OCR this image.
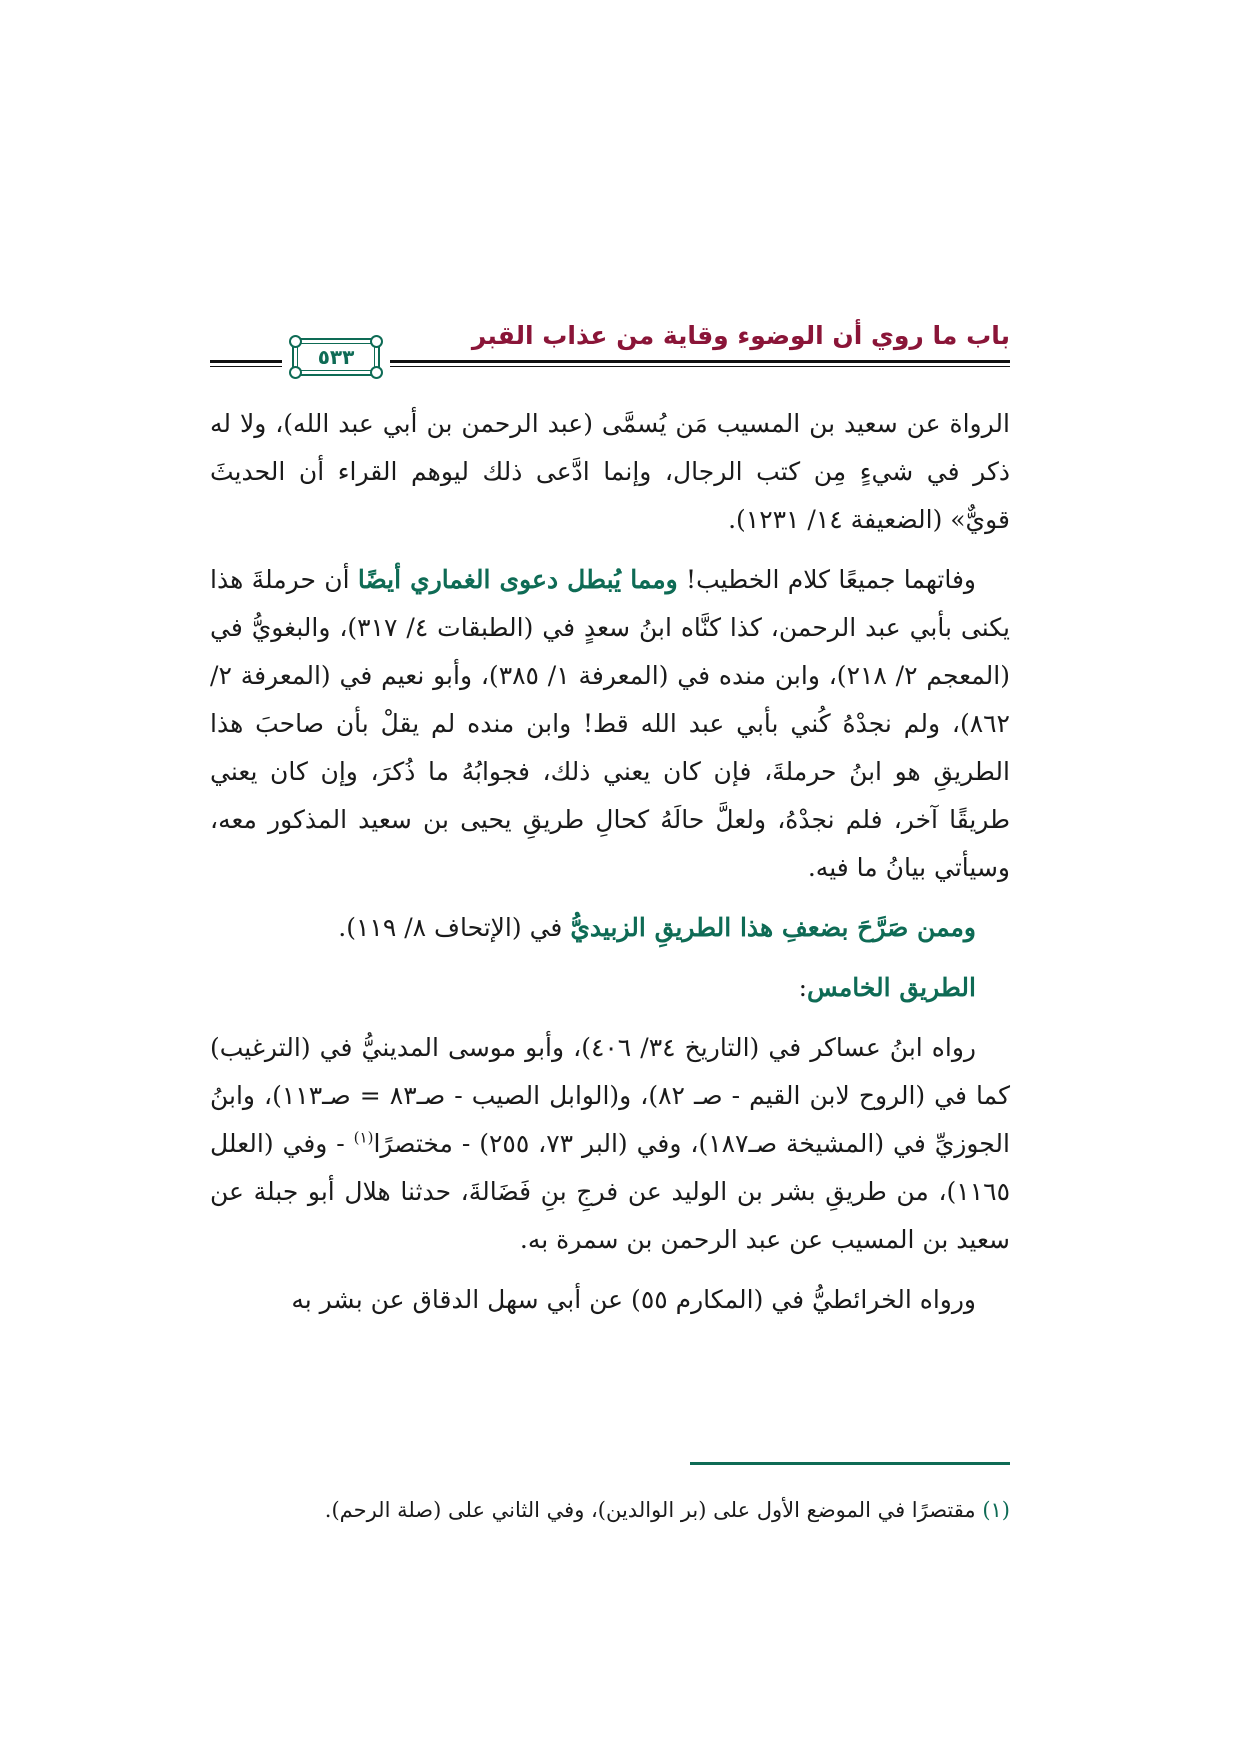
باب ما روي أن الوضوء وقاية من عذاب القبر
٥٣٣

الرواة عن سعيد بن المسيب مَن يُسمَّى (عبد الرحمن بن أبي عبد الله)، ولا له ذكر في شيءٍ مِن كتب الرجال، وإنما ادَّعى ذلك ليوهم القراء أن الحديثَ قويٌّ» (الضعيفة ١٤/ ١٢٣١).

وفاتهما جميعًا كلام الخطيب! ومما يُبطل دعوى الغماري أيضًا أن حرملةَ هذا يكنى بأبي عبد الرحمن، كذا كنَّاه ابنُ سعدٍ في (الطبقات ٤/ ٣١٧)، والبغويُّ في (المعجم ٢/ ٢١٨)، وابن منده في (المعرفة ١/ ٣٨٥)، وأبو نعيم في (المعرفة ٢/ ٨٦٢)، ولم نجدْهُ كُني بأبي عبد الله قط! وابن منده لم يقلْ بأن صاحبَ هذا الطريقِ هو ابنُ حرملةَ، فإن كان يعني ذلك، فجوابُهُ ما ذُكرَ، وإن كان يعني طريقًا آخر، فلم نجدْهُ، ولعلَّ حالَهُ كحالِ طريقِ يحيى بن سعيد المذكور معه، وسيأتي بيانُ ما فيه.

وممن صَرَّحَ بضعفِ هذا الطريقِ الزبيديُّ في (الإتحاف ٨/ ١١٩).

الطريق الخامس:

رواه ابنُ عساكر في (التاريخ ٣٤/ ٤٠٦)، وأبو موسى المدينيُّ في (الترغيب) كما في (الروح لابن القيم - صـ ٨٢)، و(الوابل الصيب - صـ٨٣ = صـ١١٣)، وابنُ الجوزيِّ في (المشيخة صـ١٨٧)، وفي (البر ٧٣، ٢٥٥) - مختصرًا$^{(١)}$ - وفي (العلل ١١٦٥)، من طريقِ بشر بن الوليد عن فرجِ بنِ فَضَالةَ، حدثنا هلال أبو جبلة عن سعيد بن المسيب عن عبد الرحمن بن سمرة به.

ورواه الخرائطيُّ في (المكارم ٥٥) عن أبي سهل الدقاق عن بشر به

(١) مقتصرًا في الموضع الأول على (بر الوالدين)، وفي الثاني على (صلة الرحم).
